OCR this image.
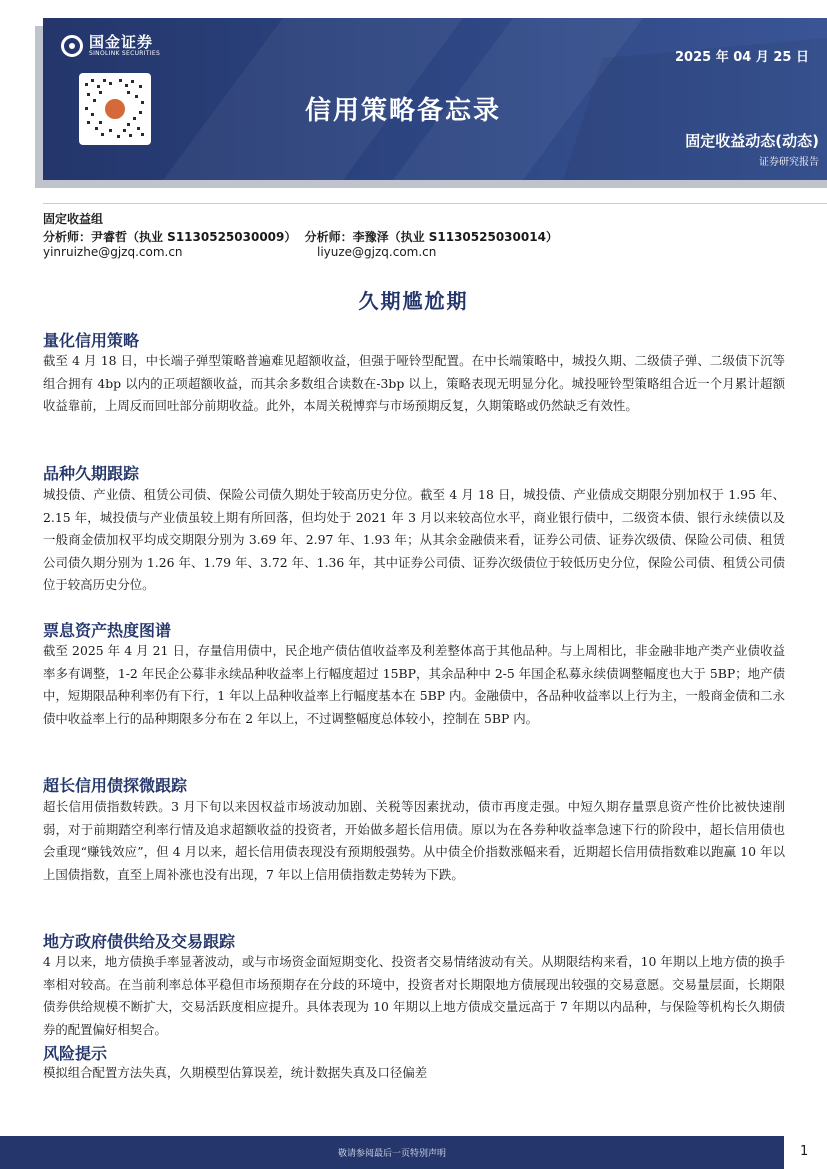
国金证券
SINOLINK SECURITIES	2025 年 04 月 25 日
信用策略备忘录
固定收益动态(动态)
证券研究报告
固定收益组
分析师：尹睿哲（执业 S1130525030009） 分析师：李豫泽（执业 S1130525030014）
yinruizhe@gjzq.com.cn	liyuze@gjzq.com.cn
久期尴尬期
量化信用策略

截至 4 月 18 日，中长端子弹型策略普遍难见超额收益，但强于哑铃型配置。在中长端策略中，城投久期、二级债子弹、二级债下沉等组合拥有 4bp 以内的正项超额收益，而其余多数组合读数在-3bp 以上，策略表现无明显分化。城投哑铃型策略组合近一个月累计超额收益靠前，上周反而回吐部分前期收益。此外，本周关税博弈与市场预期反复，久期策略或仍然缺乏有效性。

品种久期跟踪

城投债、产业债、租赁公司债、保险公司债久期处于较高历史分位。截至 4 月 18 日，城投债、产业债成交期限分别加权于 1.95 年、2.15 年，城投债与产业债虽较上期有所回落，但均处于 2021 年 3 月以来较高位水平，商业银行债中，二级资本债、银行永续债以及一般商金债加权平均成交期限分别为 3.69 年、2.97 年、1.93 年；从其余金融债来看，证券公司债、证券次级债、保险公司债、租赁公司债久期分别为 1.26 年、1.79 年、3.72 年、1.36 年，其中证券公司债、证券次级债位于较低历史分位，保险公司债、租赁公司债位于较高历史分位。

票息资产热度图谱

截至 2025 年 4 月 21 日，存量信用债中，民企地产债估值收益率及利差整体高于其他品种。与上周相比，非金融非地产类产业债收益率多有调整，1-2 年民企公募非永续品种收益率上行幅度超过 15BP，其余品种中 2-5 年国企私募永续债调整幅度也大于 5BP；地产债中，短期限品种利率仍有下行，1 年以上品种收益率上行幅度基本在 5BP 内。金融债中，各品种收益率以上行为主，一般商金债和二永债中收益率上行的品种期限多分布在 2 年以上，不过调整幅度总体较小，控制在 5BP 内。

超长信用债探微跟踪

超长信用债指数转跌。3 月下旬以来因权益市场波动加剧、关税等因素扰动，债市再度走强。中短久期存量票息资产性价比被快速削弱，对于前期踏空利率行情及追求超额收益的投资者，开始做多超长信用债。原以为在各券种收益率急速下行的阶段中，超长信用债也会重现“赚钱效应”，但 4 月以来，超长信用债表现没有预期般强势。从中债全价指数涨幅来看，近期超长信用债指数难以跑赢 10 年以上国债指数，直至上周补涨也没有出现，7 年以上信用债指数走势转为下跌。

地方政府债供给及交易跟踪

4 月以来，地方债换手率显著波动，或与市场资金面短期变化、投资者交易情绪波动有关。从期限结构来看，10 年期以上地方债的换手率相对较高。在当前利率总体平稳但市场预期存在分歧的环境中，投资者对长期限地方债展现出较强的交易意愿。交易量层面，长期限债券供给规模不断扩大，交易活跃度相应提升。具体表现为 10 年期以上地方债成交量远高于 7 年期以内品种，与保险等机构长久期债券的配置偏好相契合。

风险提示

模拟组合配置方法失真，久期模型估算误差，统计数据失真及口径偏差

敬请参阅最后一页特别声明	1
